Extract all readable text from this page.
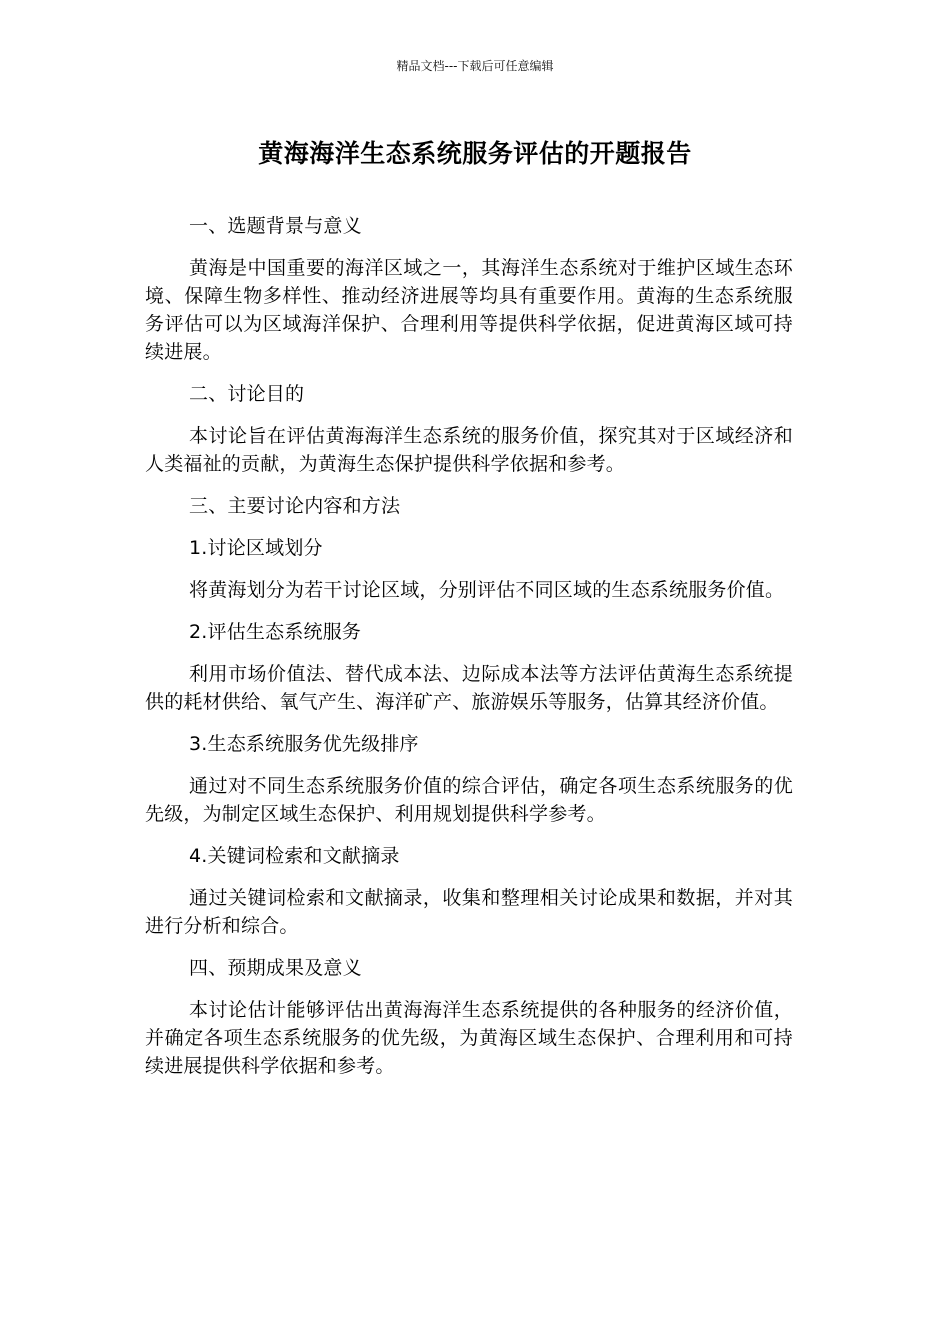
精品文档---下载后可任意编辑
黄海海洋生态系统服务评估的开题报告

一、选题背景与意义

黄海是中国重要的海洋区域之一，其海洋生态系统对于维护区域生态环境、保障生物多样性、推动经济进展等均具有重要作用。黄海的生态系统服务评估可以为区域海洋保护、合理利用等提供科学依据，促进黄海区域可持续进展。

二、讨论目的

本讨论旨在评估黄海海洋生态系统的服务价值，探究其对于区域经济和人类福祉的贡献，为黄海生态保护提供科学依据和参考。

三、主要讨论内容和方法

1.讨论区域划分

将黄海划分为若干讨论区域，分别评估不同区域的生态系统服务价值。

2.评估生态系统服务

利用市场价值法、替代成本法、边际成本法等方法评估黄海生态系统提供的耗材供给、氧气产生、海洋矿产、旅游娱乐等服务，估算其经济价值。

3.生态系统服务优先级排序

通过对不同生态系统服务价值的综合评估，确定各项生态系统服务的优先级，为制定区域生态保护、利用规划提供科学参考。

4.关键词检索和文献摘录

通过关键词检索和文献摘录，收集和整理相关讨论成果和数据，并对其进行分析和综合。

四、预期成果及意义

本讨论估计能够评估出黄海海洋生态系统提供的各种服务的经济价值，并确定各项生态系统服务的优先级，为黄海区域生态保护、合理利用和可持续进展提供科学依据和参考。
